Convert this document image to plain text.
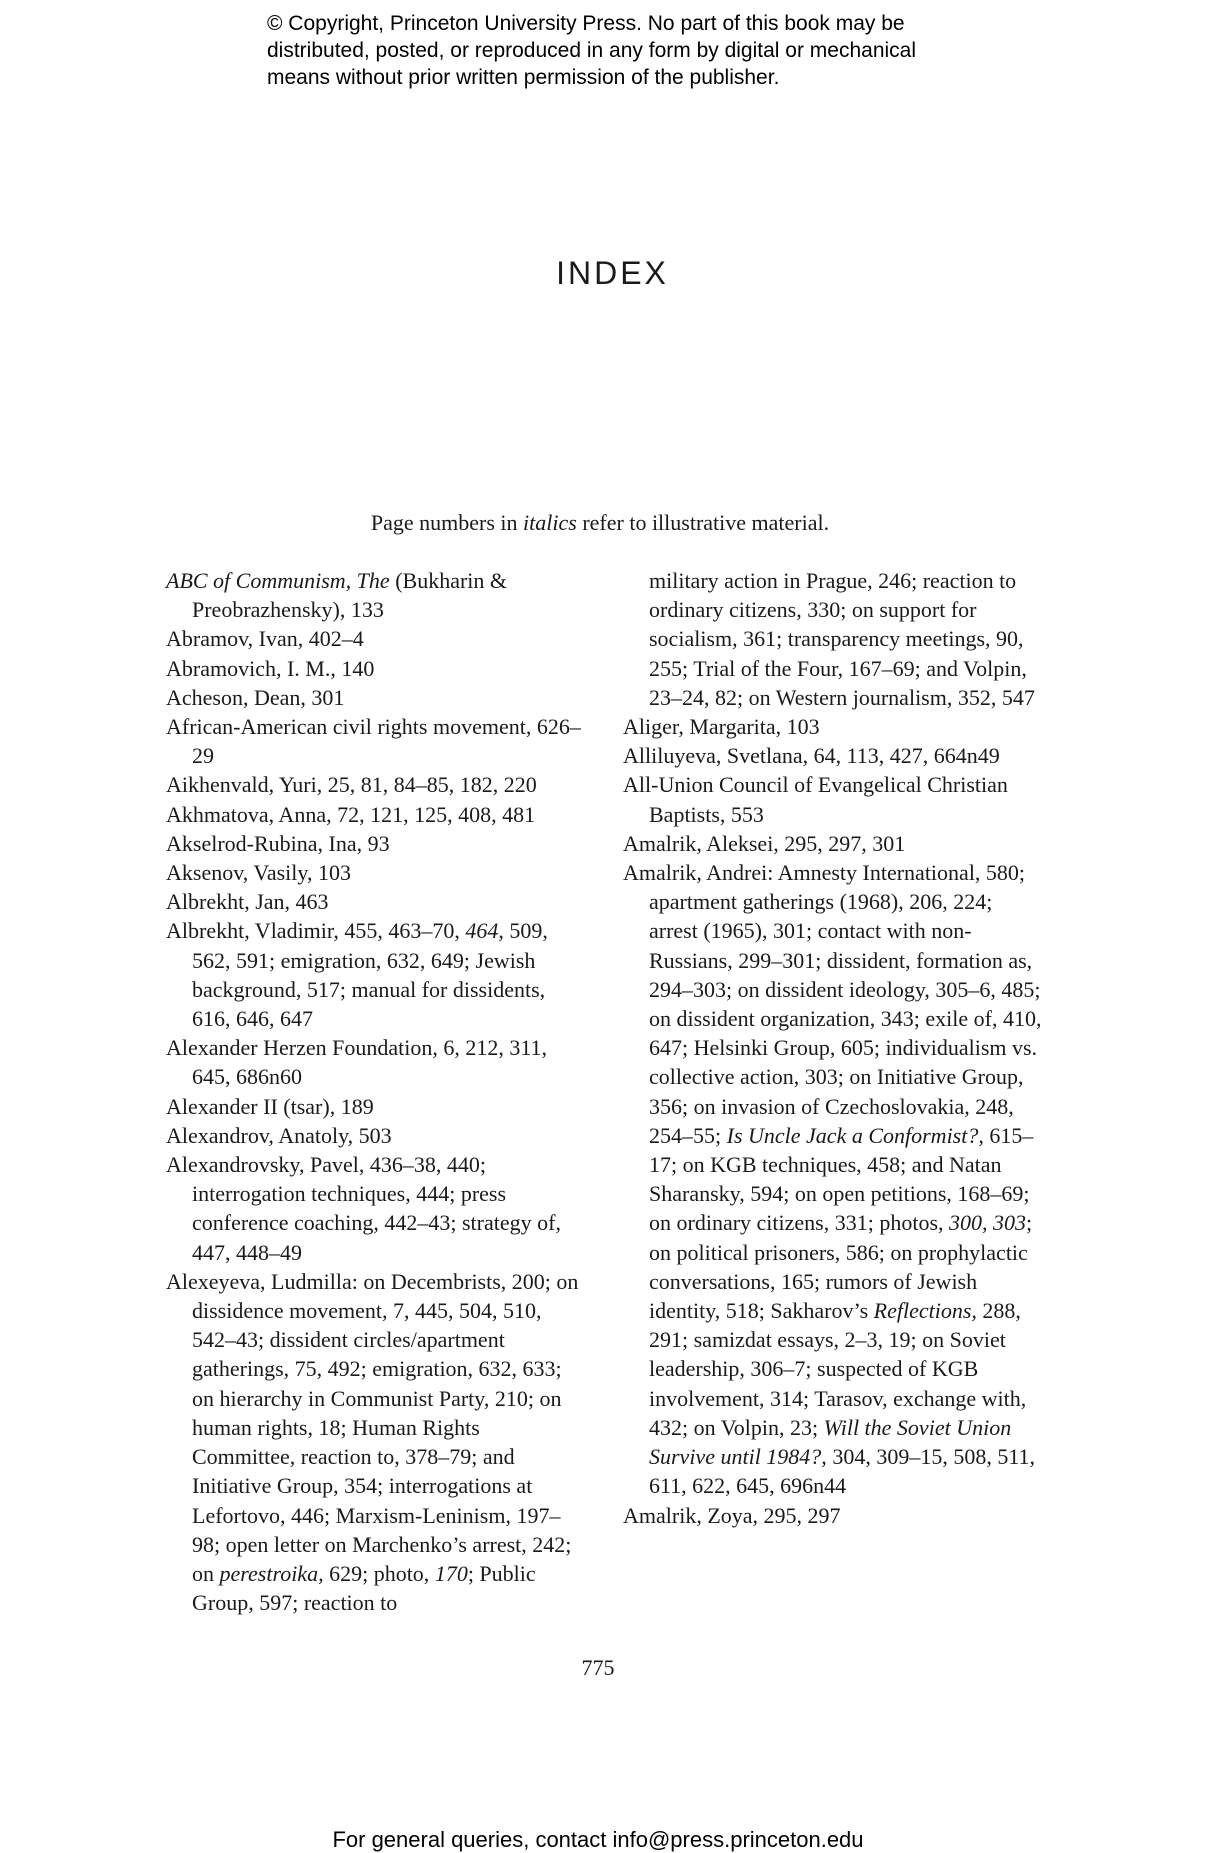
© Copyright, Princeton University Press. No part of this book may be
distributed, posted, or reproduced in any form by digital or mechanical
means without prior written permission of the publisher.
INDEX
Page numbers in italics refer to illustrative material.
ABC of Communism, The (Bukharin & Preobrazhensky), 133
Abramov, Ivan, 402–4
Abramovich, I. M., 140
Acheson, Dean, 301
African-American civil rights movement, 626–29
Aikhenvald, Yuri, 25, 81, 84–85, 182, 220
Akhmatova, Anna, 72, 121, 125, 408, 481
Akselrod-Rubina, Ina, 93
Aksenov, Vasily, 103
Albrekht, Jan, 463
Albrekht, Vladimir, 455, 463–70, 464, 509, 562, 591; emigration, 632, 649; Jewish background, 517; manual for dissidents, 616, 646, 647
Alexander Herzen Foundation, 6, 212, 311, 645, 686n60
Alexander II (tsar), 189
Alexandrov, Anatoly, 503
Alexandrovsky, Pavel, 436–38, 440; interrogation techniques, 444; press conference coaching, 442–43; strategy of, 447, 448–49
Alexeyeva, Ludmilla: on Decembrists, 200; on dissidence movement, 7, 445, 504, 510, 542–43; dissident circles/apartment gatherings, 75, 492; emigration, 632, 633; on hierarchy in Communist Party, 210; on human rights, 18; Human Rights Committee, reaction to, 378–79; and Initiative Group, 354; interrogations at Lefortovo, 446; Marxism-Leninism, 197–98; open letter on Marchenko’s arrest, 242; on perestroika, 629; photo, 170; Public Group, 597; reaction to
military action in Prague, 246; reaction to ordinary citizens, 330; on support for socialism, 361; transparency meetings, 90, 255; Trial of the Four, 167–69; and Volpin, 23–24, 82; on Western journalism, 352, 547
Aliger, Margarita, 103
Alliluyeva, Svetlana, 64, 113, 427, 664n49
All-Union Council of Evangelical Christian Baptists, 553
Amalrik, Aleksei, 295, 297, 301
Amalrik, Andrei: Amnesty International, 580; apartment gatherings (1968), 206, 224; arrest (1965), 301; contact with non-Russians, 299–301; dissident, formation as, 294–303; on dissident ideology, 305–6, 485; on dissident organization, 343; exile of, 410, 647; Helsinki Group, 605; individualism vs. collective action, 303; on Initiative Group, 356; on invasion of Czechoslovakia, 248, 254–55; Is Uncle Jack a Conformist?, 615–17; on KGB techniques, 458; and Natan Sharansky, 594; on open petitions, 168–69; on ordinary citizens, 331; photos, 300, 303; on political prisoners, 586; on prophylactic conversations, 165; rumors of Jewish identity, 518; Sakharov’s Reflections, 288, 291; samizdat essays, 2–3, 19; on Soviet leadership, 306–7; suspected of KGB involvement, 314; Tarasov, exchange with, 432; on Volpin, 23; Will the Soviet Union Survive until 1984?, 304, 309–15, 508, 511, 611, 622, 645, 696n44
Amalrik, Zoya, 295, 297
775
For general queries, contact info@press.princeton.edu
